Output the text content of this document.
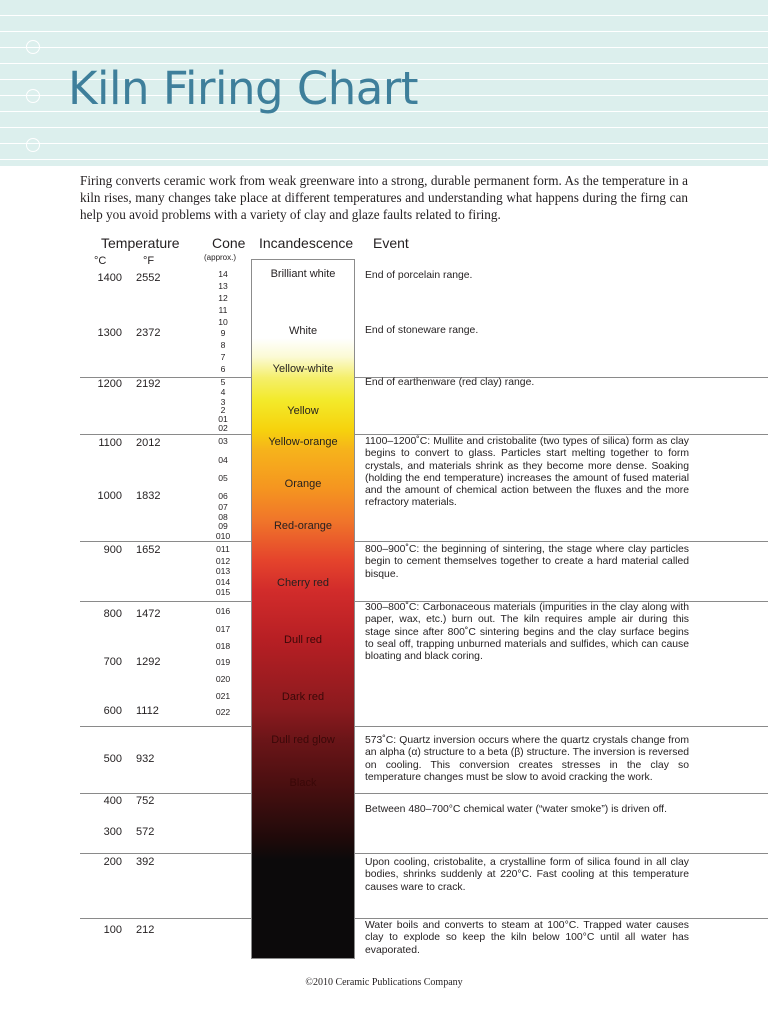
Kiln Firing Chart

Firing converts ceramic work from weak greenware into a strong, durable permanent form. As the temperature in a kiln rises, many changes take place at different temperatures and understanding what happens during the firng can help you avoid problems with a variety of clay and glaze faults related to firing.

Temperature Cone Incandescence Event
°C	°F	(approx.)
1400 2552
1300 2372
1200 2192
1100 2012
1000 1832
900 1652
800 1472
700 1292
600 1112
500 932
400 752
300 572
200 392
100 212
14
13
12
11
10
9
8
7
6
5
4
3
2
01
02
03
04
05
06
07
08
09
010
011
012
013
014
015
016
017
018
019
020
021
022
Brilliant white
White
Yellow-white
Yellow
Yellow-orange
Orange
Red-orange
Cherry red
Dull red
Dark red
Dull red glow
Black

End of porcelain range.

End of stoneware range.

End of earthenware (red clay) range.

1100–1200˚C: Mullite and cristobalite (two types of silica) form as clay begins to convert to glass. Particles start melting together to form crystals, and materials shrink as they become more dense. Soaking (holding the end temperature) increases the amount of fused material and the amount of chemical action between the fluxes and the more refractory materials.

800–900˚C: the beginning of sintering, the stage where clay particles begin to cement themselves together to create a hard material called bisque.

300–800˚C: Carbonaceous materials (impurities in the clay along with paper, wax, etc.) burn out. The kiln requires ample air during this stage since after 800˚C sintering begins and the clay surface begins to seal off, trapping unburned materials and sulfides, which can cause bloating and black coring.

573˚C: Quartz inversion occurs where the quartz crystals change from an alpha (α) structure to a beta (β) structure. The inversion is reversed on cooling. This conversion creates stresses in the clay so temperature changes must be slow to avoid cracking the work.

Between 480–700°C chemical water (“water smoke”) is driven off.

Upon cooling, cristobalite, a crystalline form of silica found in all clay bodies, shrinks suddenly at 220°C. Fast cooling at this temperature causes ware to crack.

Water boils and converts to steam at 100°C. Trapped water causes clay to explode so keep the kiln below 100°C until all water has evaporated.

©2010 Ceramic Publications Company
